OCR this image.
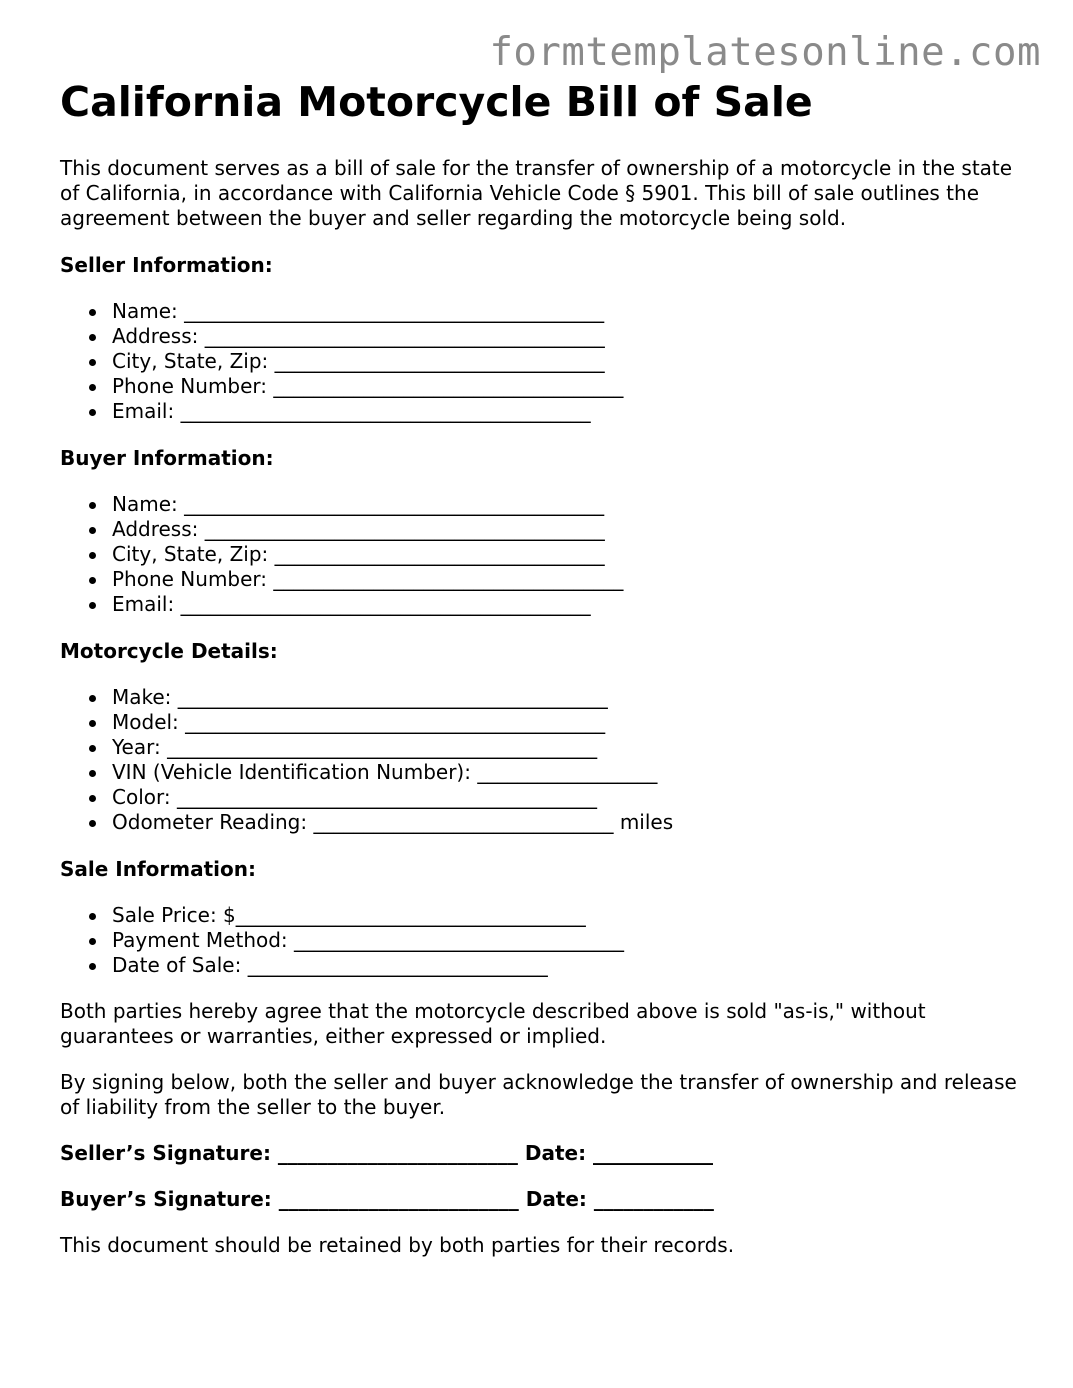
formtemplatesonline.com
California Motorcycle Bill of Sale

This document serves as a bill of sale for the transfer of ownership of a motorcycle in the state of California, in accordance with California Vehicle Code § 5901. This bill of sale outlines the agreement between the buyer and seller regarding the motorcycle being sold.

Seller Information:
Name: __________________________________________
Address: ________________________________________
City, State, Zip: _________________________________
Phone Number: ___________________________________
Email: _________________________________________
Buyer Information:
Name: __________________________________________
Address: ________________________________________
City, State, Zip: _________________________________
Phone Number: ___________________________________
Email: _________________________________________
Motorcycle Details:
Make: ___________________________________________
Model: __________________________________________
Year: ___________________________________________
VIN (Vehicle Identification Number): __________________
Color: __________________________________________
Odometer Reading: ______________________________ miles
Sale Information:
Sale Price: $___________________________________
Payment Method: _________________________________
Date of Sale: ______________________________

Both parties hereby agree that the motorcycle described above is sold "as-is," without guarantees or warranties, either expressed or implied.

By signing below, both the seller and buyer acknowledge the transfer of ownership and release of liability from the seller to the buyer.

Seller’s Signature: ________________________ Date: ____________

Buyer’s Signature: ________________________ Date: ____________

This document should be retained by both parties for their records.
